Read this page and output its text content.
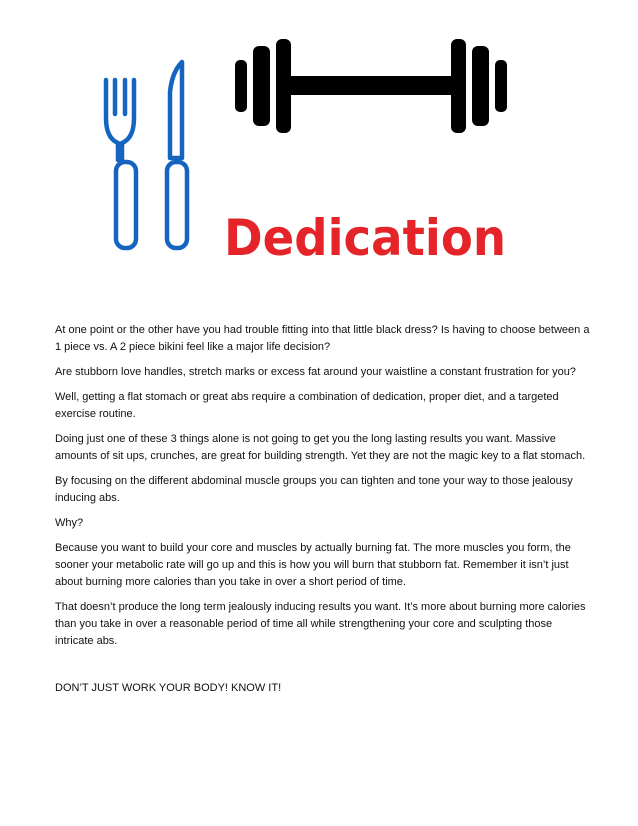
Dedication

At one point or the other have you had trouble fitting into that little black dress? Is having to choose between a 1 piece vs. A 2 piece bikini feel like a major life decision?

Are stubborn love handles, stretch marks or excess fat around your waistline a constant frustration for you?

Well, getting a flat stomach or great abs require a combination of dedication, proper diet, and a targeted exercise routine.

Doing just one of these 3 things alone is not going to get you the long lasting results you want. Massive amounts of sit ups, crunches, are great for building strength. Yet they are not the magic key to a flat stomach.

By focusing on the different abdominal muscle groups you can tighten and tone your way to those jealousy inducing abs.

Why?

Because you want to build your core and muscles by actually burning fat. The more muscles you form, the sooner your metabolic rate will go up and this is how you will burn that stubborn fat. Remember it isn’t just about burning more calories than you take in over a short period of time.

That doesn’t produce the long term jealously inducing results you want. It’s more about burning more calories than you take in over a reasonable period of time all while strengthening your core and sculpting those intricate abs.

DON’T JUST WORK YOUR BODY! KNOW IT!
